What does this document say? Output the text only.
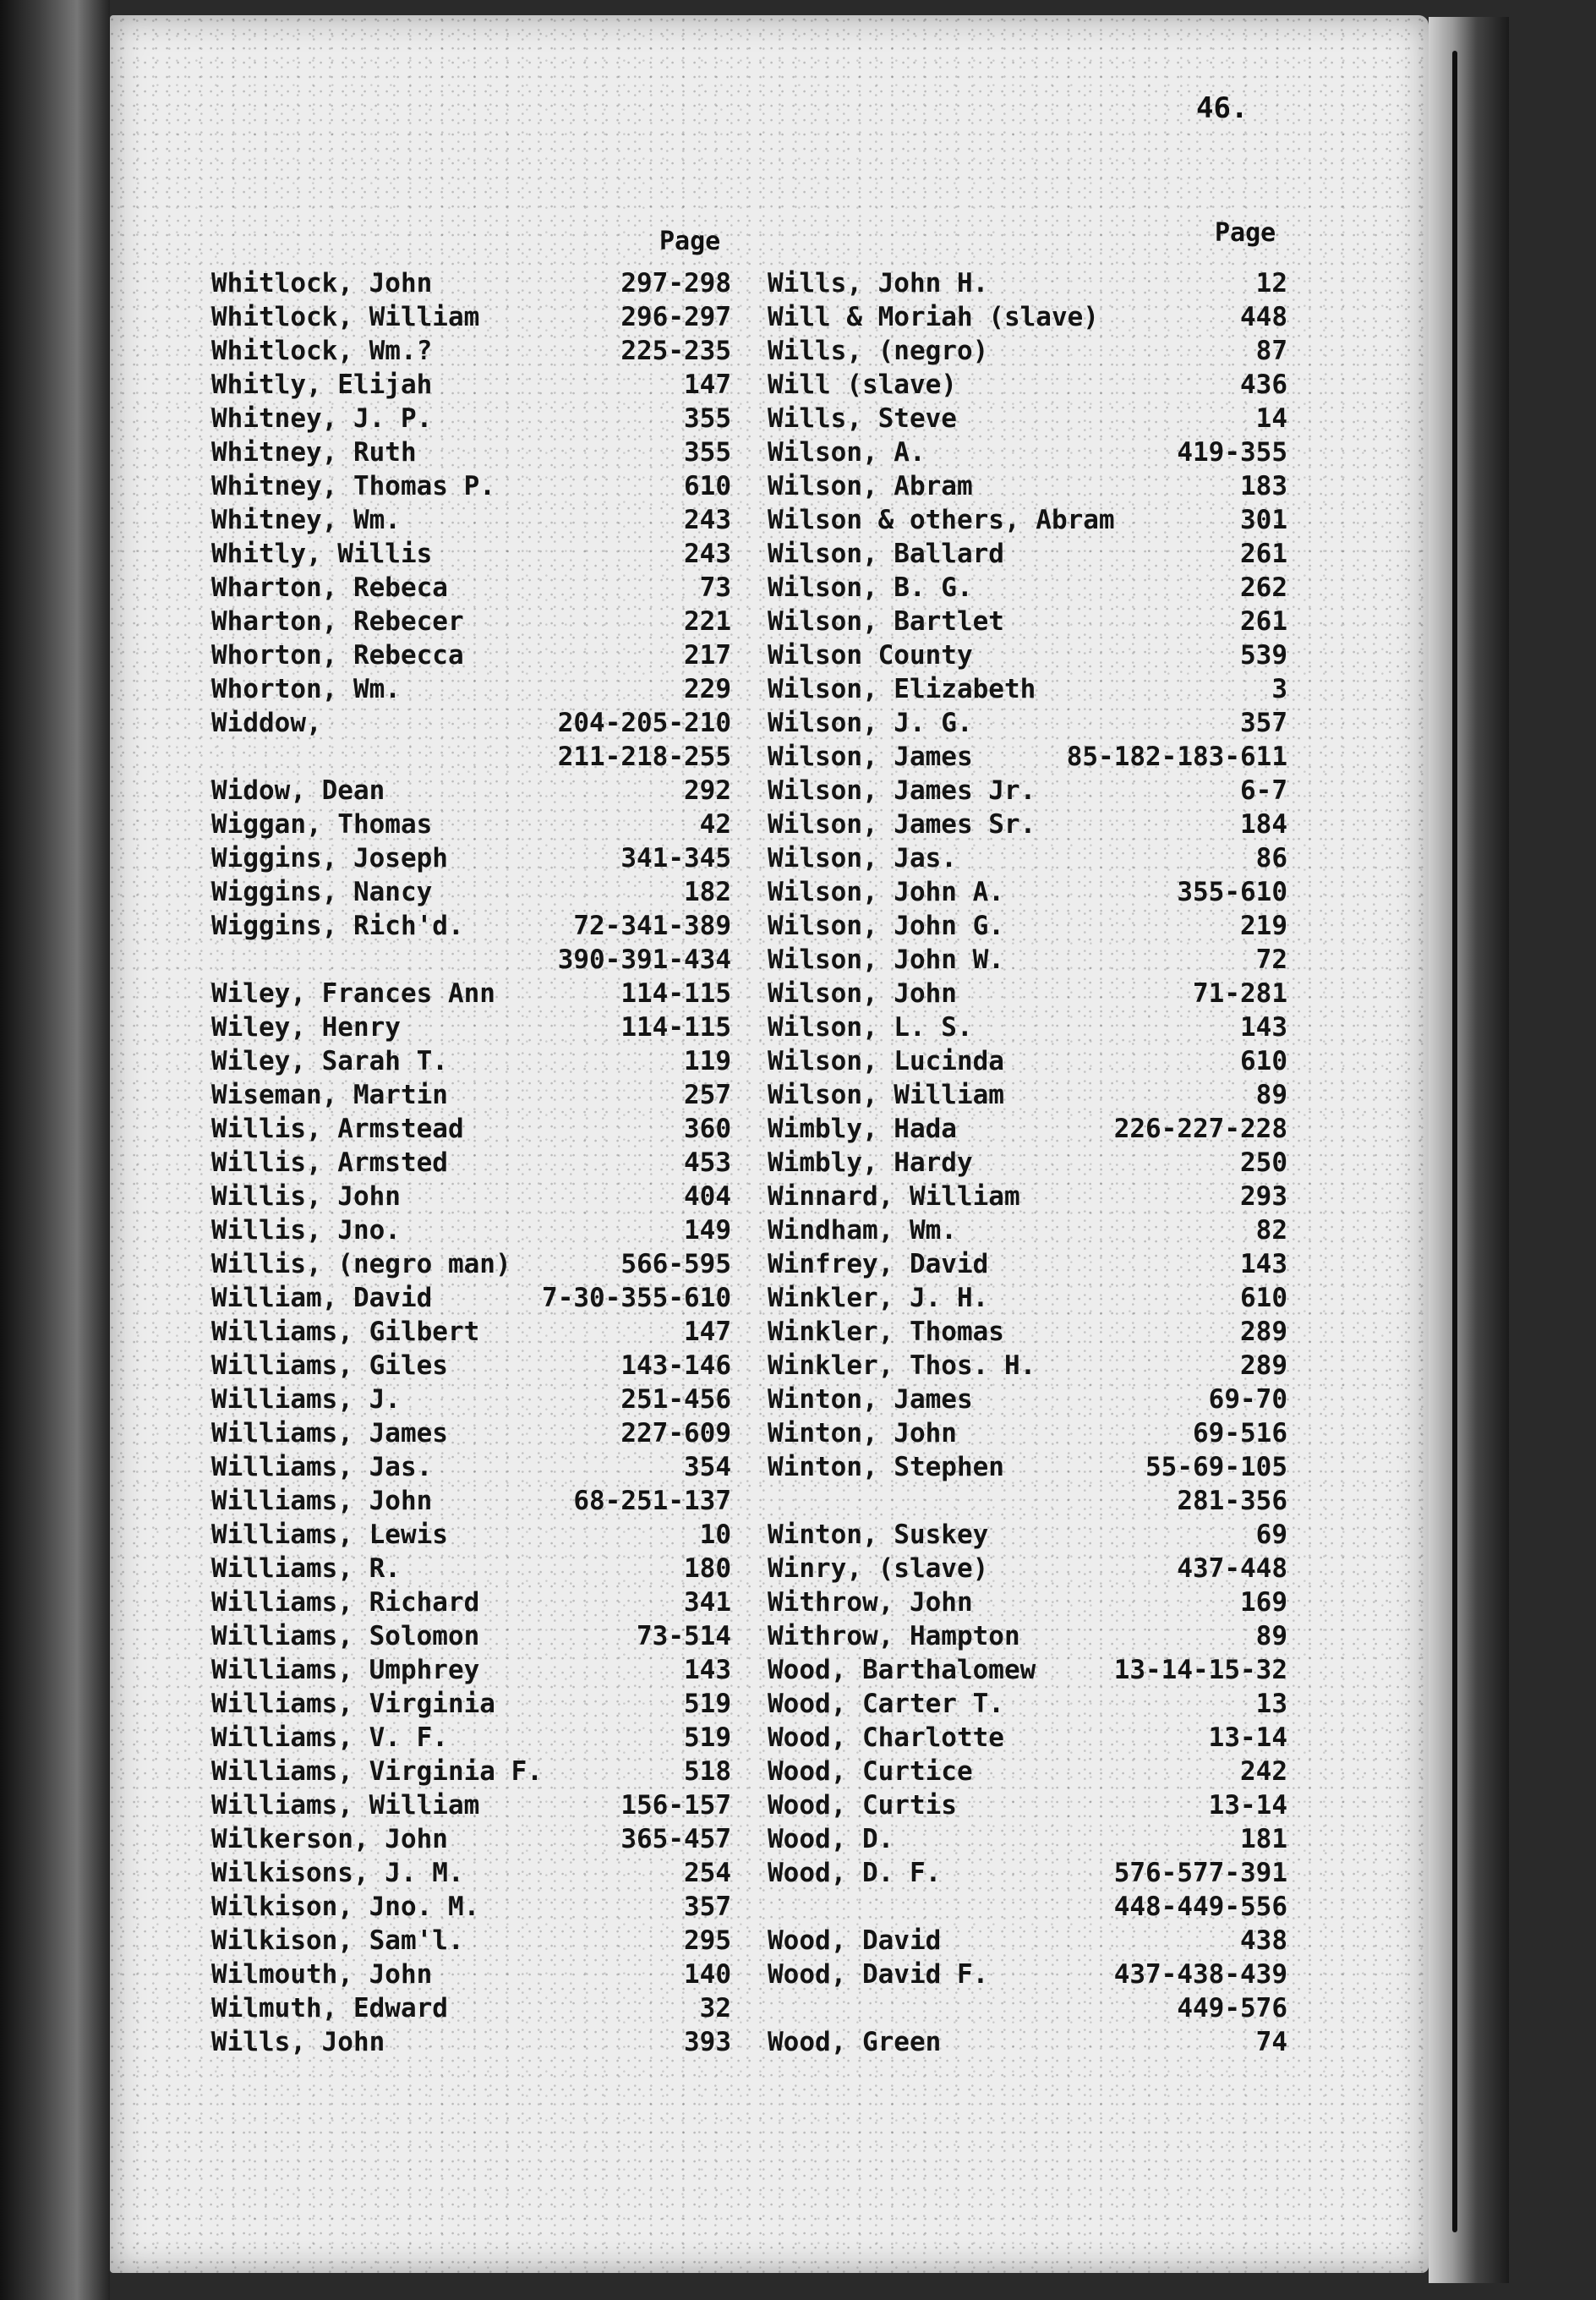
46.
Page	Page
Whitlock, John	297-298
Whitlock, William	296-297
Whitlock, Wm.?	225-235
Whitly, Elijah	147
Whitney, J. P.	355
Whitney, Ruth	355
Whitney, Thomas P.	610
Whitney, Wm.	243
Whitly, Willis	243
Wharton, Rebeca	73
Wharton, Rebecer	221
Whorton, Rebecca	217
Whorton, Wm.	229
Widdow,	204-205-210
211-218-255
Widow, Dean	292
Wiggan, Thomas	42
Wiggins, Joseph	341-345
Wiggins, Nancy	182
Wiggins, Rich'd.	72-341-389
390-391-434
Wiley, Frances Ann	114-115
Wiley, Henry	114-115
Wiley, Sarah T.	119
Wiseman, Martin	257
Willis, Armstead	360
Willis, Armsted	453
Willis, John	404
Willis, Jno.	149
Willis, (negro man)	566-595
William, David	7-30-355-610
Williams, Gilbert	147
Williams, Giles	143-146
Williams, J.	251-456
Williams, James	227-609
Williams, Jas.	354
Williams, John	68-251-137
Williams, Lewis	10
Williams, R.	180
Williams, Richard	341
Williams, Solomon	73-514
Williams, Umphrey	143
Williams, Virginia	519
Williams, V. F.	519
Williams, Virginia F.	518
Williams, William	156-157
Wilkerson, John	365-457
Wilkisons, J. M.	254
Wilkison, Jno. M.	357
Wilkison, Sam'l.	295
Wilmouth, John	140
Wilmuth, Edward	32
Wills, John	393
Wills, John H.	12
Will & Moriah (slave)	448
Wills, (negro)	87
Will (slave)	436
Wills, Steve	14
Wilson, A.	419-355
Wilson, Abram	183
Wilson & others, Abram	301
Wilson, Ballard	261
Wilson, B. G.	262
Wilson, Bartlet	261
Wilson County	539
Wilson, Elizabeth	3
Wilson, J. G.	357
Wilson, James	85-182-183-611
Wilson, James Jr.	6-7
Wilson, James Sr.	184
Wilson, Jas.	86
Wilson, John A.	355-610
Wilson, John G.	219
Wilson, John W.	72
Wilson, John	71-281
Wilson, L. S.	143
Wilson, Lucinda	610
Wilson, William	89
Wimbly, Hada	226-227-228
Wimbly, Hardy	250
Winnard, William	293
Windham, Wm.	82
Winfrey, David	143
Winkler, J. H.	610
Winkler, Thomas	289
Winkler, Thos. H.	289
Winton, James	69-70
Winton, John	69-516
Winton, Stephen	55-69-105
281-356
Winton, Suskey	69
Winry, (slave)	437-448
Withrow, John	169
Withrow, Hampton	89
Wood, Barthalomew	13-14-15-32
Wood, Carter T.	13
Wood, Charlotte	13-14
Wood, Curtice	242
Wood, Curtis	13-14
Wood, D.	181
Wood, D. F.	576-577-391
448-449-556
Wood, David	438
Wood, David F.	437-438-439
449-576
Wood, Green	74
